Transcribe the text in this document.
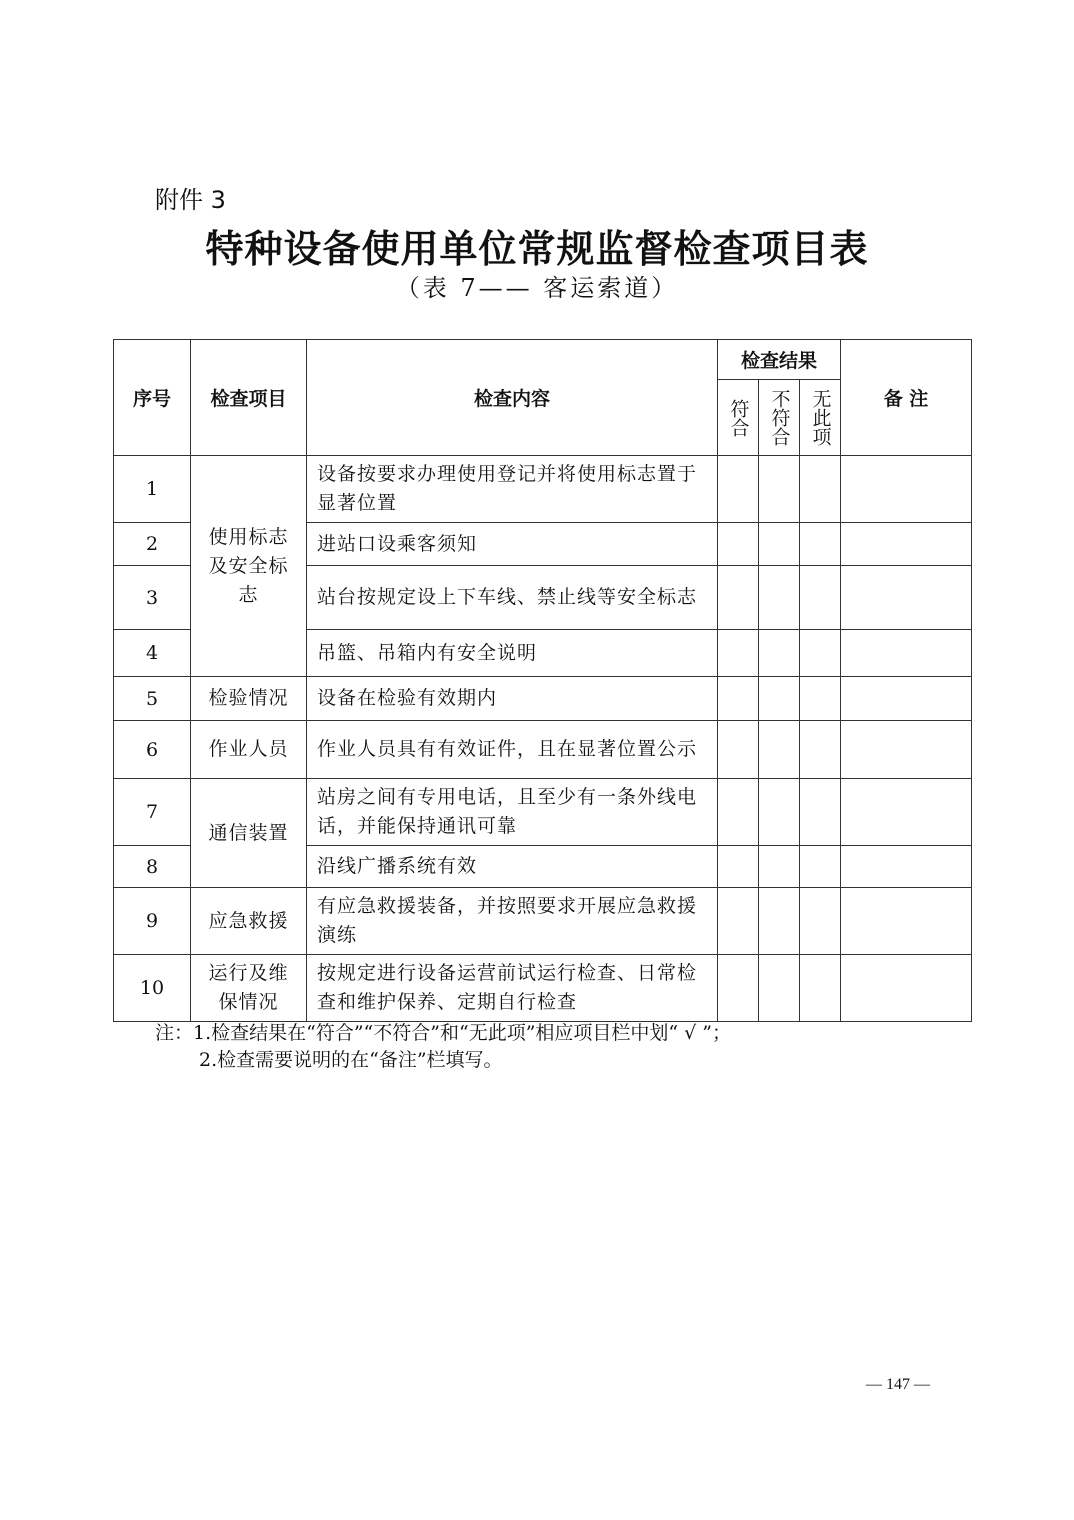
附件 3
特种设备使用单位常规监督检查项目表
（表 7—— 客运索道）
序号	检查项目	检查内容	检查结果			备 注

			符合	不符合	无此项	

1	使用标志及安全标志	设备按要求办理使用登记并将使用标志置于显著位置				
2		进站口设乘客须知				
3		站台按规定设上下车线、禁止线等安全标志				
4		吊篮、吊箱内有安全说明				
5	检验情况	设备在检验有效期内				
6	作业人员	作业人员具有有效证件，且在显著位置公示				
7	通信装置	站房之间有专用电话，且至少有一条外线电话，并能保持通讯可靠				
8		沿线广播系统有效				
9	应急救援	有应急救援装备，并按照要求开展应急救援演练				
10	运行及维保情况	按规定进行设备运营前试运行检查、日常检查和维护保养、定期自行检查				
注：1.检查结果在“符合”“不符合”和“无此项”相应项目栏中划“ √ ”；
2.检查需要说明的在“备注”栏填写。
— 147 —
